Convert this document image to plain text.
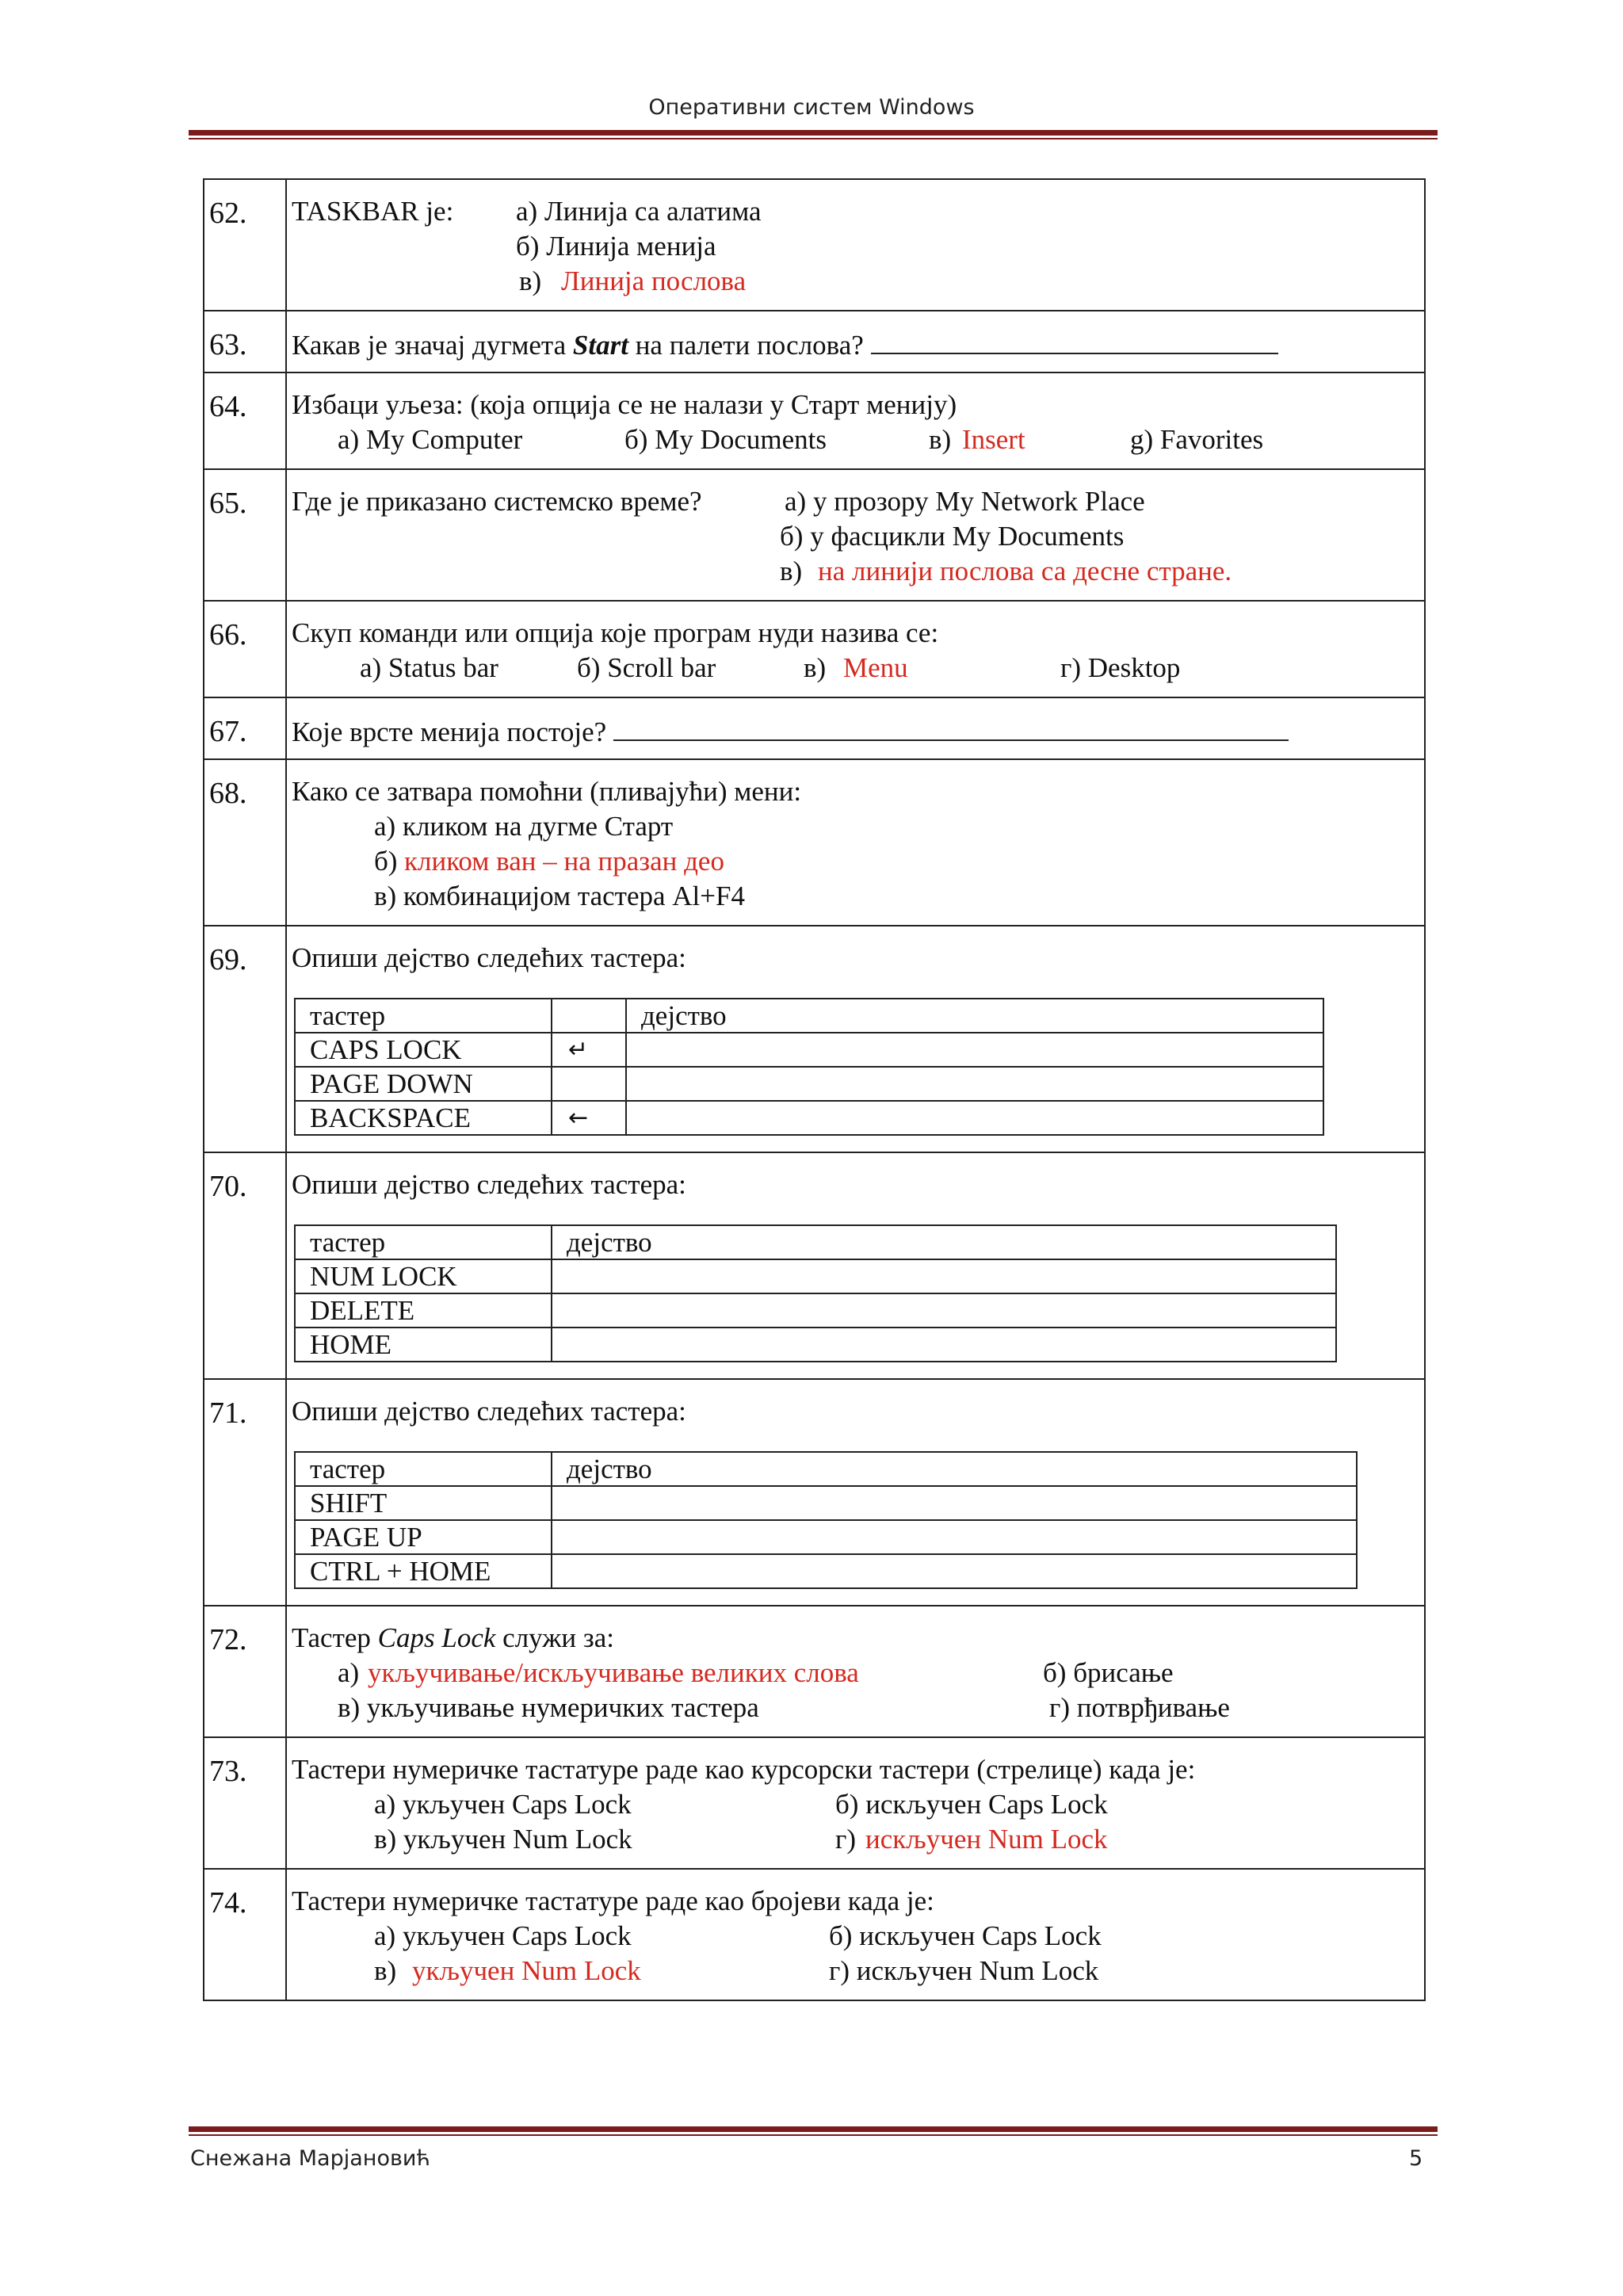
Оперативни систем Windows
62.	TASKBAR je: а) Линија са алатима
б) Линија менија
в) Линија послова

63.	Какав је значај дугмета Start на палети послова?

64.	Избаци уљеза: (која опција се не налази у Старт менију)
а) My Computer	б) My Documents	в) Insert	g) Favorites

65.	Где је приказано системско време?	а) у прозору My Network Place
б) у фасцикли My Documents
в) на линији послова са десне стране.

66.	Скуп команди или опција које програм нуди назива се:
а) Status bar	б) Scroll bar	в) Menu	г) Desktop

67.	Које врсте менија постоје?

68.	Како се затвара помоћни (пливајући) мени:
а) кликом на дугме Старт
б) кликом ван – на празан део
в) комбинацијом тастера Al+F4

69.	Опиши дејство следећих тастера:
тастер		дејство
CAPS LOCK	↵	
PAGE DOWN		
BACKSPACE	←	

70.	Опиши дејство следећих тастера:
тастер	дејство
NUM LOCK	
DELETE	
HOME	

71.	Опиши дејство следећих тастера:
тастер	дејство
SHIFT	
PAGE UP	
CTRL + HOME	

72.	Тастер Caps Lock служи за:
а) укључивање/искључивање великих слова	б) брисање
в) укључивање нумеричких тастера	г) потврђивање

73.	Тастери нумеричке тастатуре раде као курсорски тастери (стрелице) када је:
а) укључен Caps Lock	б) искључен Caps Lock
в) укључен Num Lock	г) искључен Num Lock

74.	Тастери нумеричке тастатуре раде као бројеви када је:
а) укључен Caps Lock	б) искључен Caps Lock
в) укључен Num Lock	г) искључен Num Lock
Снежана Марјановић	5
